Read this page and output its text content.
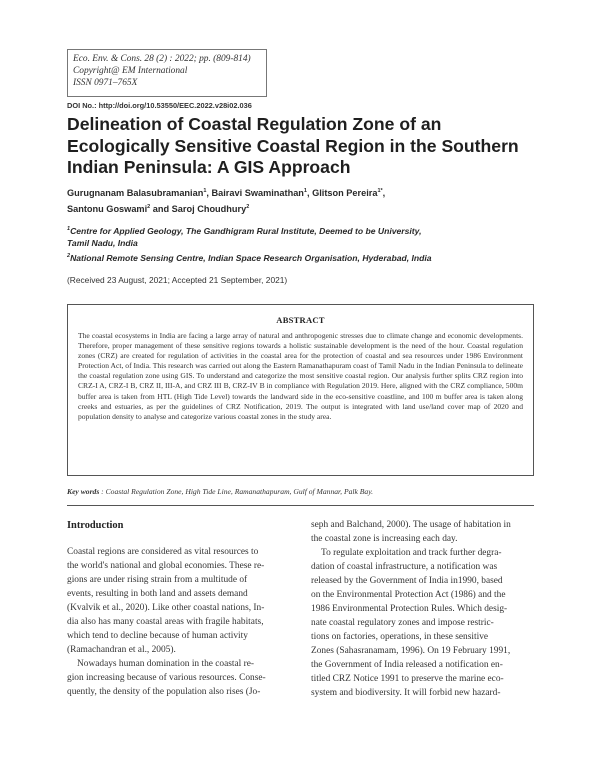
Eco. Env. & Cons. 28 (2) : 2022; pp. (809-814)
Copyright@ EM International
ISSN 0971–765X
DOI No.: http://doi.org/10.53550/EEC.2022.v28i02.036
Delineation of Coastal Regulation Zone of an Ecologically Sensitive Coastal Region in the Southern Indian Peninsula: A GIS Approach
Gurugnanam Balasubramanian$^1$, Bairavi Swaminathan$^1$, Glitson Pereira$^{1*}$,
Santonu Goswami$^2$ and Saroj Choudhury$^2$
$^1$Centre for Applied Geology, The Gandhigram Rural Institute, Deemed to be University,
Tamil Nadu, India
$^2$National Remote Sensing Centre, Indian Space Research Organisation, Hyderabad, India
(Received 23 August, 2021; Accepted 21 September, 2021)
ABSTRACT
The coastal ecosystems in India are facing a large array of natural and anthropogenic stresses due to climate change and economic developments. Therefore, proper management of these sensitive regions towards a holistic sustainable development is the need of the hour. Coastal regulation zones (CRZ) are created for regulation of activities in the coastal area for the protection of coastal and sea resources under 1986 Environment Protection Act, of India. This research was carried out along the Eastern Ramanathapuram coast of Tamil Nadu in the Indian Peninsula to delineate the coastal regulation zone using GIS. To understand and categorize the most sensitive coastal region. Our analysis further splits CRZ region into CRZ-I A, CRZ-I B, CRZ II, III-A, and CRZ III B, CRZ-IV B in compliance with Regulation 2019. Here, aligned with the CRZ compliance, 500m buffer area is taken from HTL (High Tide Level) towards the landward side in the eco-sensitive coastline, and 100 m buffer area is taken along creeks and estuaries, as per the guidelines of CRZ Notification, 2019. The output is integrated with land use/land cover map of 2020 and population density to analyse and categorize various coastal zones in the study area.
Key words : Coastal Regulation Zone, High Tide Line, Ramanathapuram, Gulf of Mannar, Palk Bay.
Introduction

Coastal regions are considered as vital resources to

the world's national and global economies. These re-

gions are under rising strain from a multitude of

events, resulting in both land and assets demand

(Kvalvik et al., 2020). Like other coastal nations, In-

dia also has many coastal areas with fragile habitats,

which tend to decline because of human activity

(Ramachandran et al., 2005).

Nowadays human domination in the coastal re-

gion increasing because of various resources. Conse-

quently, the density of the population also rises (Jo-

seph and Balchand, 2000). The usage of habitation in

the coastal zone is increasing each day.

To regulate exploitation and track further degra-

dation of coastal infrastructure, a notification was

released by the Government of India in1990, based

on the Environmental Protection Act (1986) and the

1986 Environmental Protection Rules. Which desig-

nate coastal regulatory zones and impose restric-

tions on factories, operations, in these sensitive

Zones (Sahasranamam, 1996). On 19 February 1991,

the Government of India released a notification en-

titled CRZ Notice 1991 to preserve the marine eco-

system and biodiversity. It will forbid new hazard-
